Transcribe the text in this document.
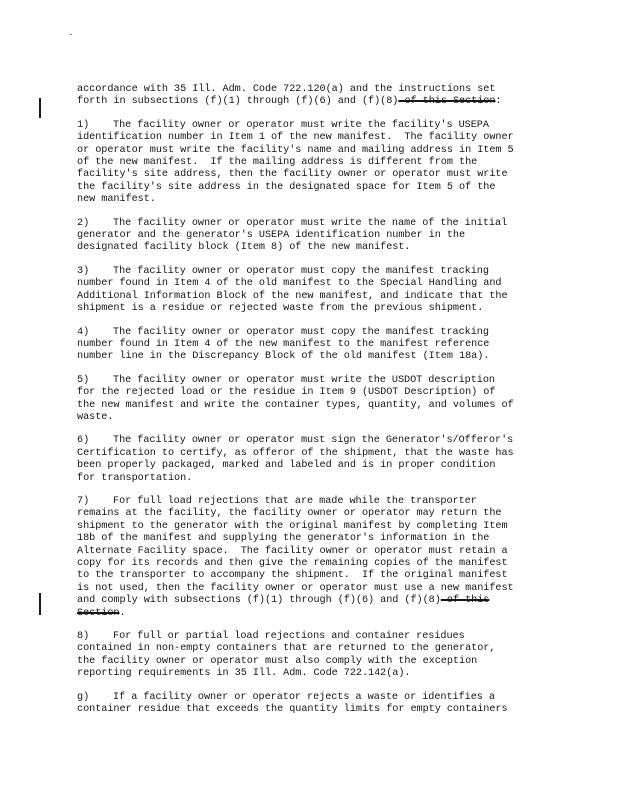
accordance with 35 Ill. Adm. Code 722.120(a) and the instructions set
forth in subsections (f)(1) through (f)(6) and (f)(8) of this Section:

1) The facility owner or operator must write the facility's USEPA
identification number in Item 1 of the new manifest.  The facility owner
or operator must write the facility's name and mailing address in Item 5
of the new manifest.  If the mailing address is different from the
facility's site address, then the facility owner or operator must write
the facility's site address in the designated space for Item 5 of the
new manifest.

2) The facility owner or operator must write the name of the initial
generator and the generator's USEPA identification number in the
designated facility block (Item 8) of the new manifest.

3) The facility owner or operator must copy the manifest tracking
number found in Item 4 of the old manifest to the Special Handling and
Additional Information Block of the new manifest, and indicate that the
shipment is a residue or rejected waste from the previous shipment.

4) The facility owner or operator must copy the manifest tracking
number found in Item 4 of the new manifest to the manifest reference
number line in the Discrepancy Block of the old manifest (Item 18a).

5) The facility owner or operator must write the USDOT description
for the rejected load or the residue in Item 9 (USDOT Description) of
the new manifest and write the container types, quantity, and volumes of
waste.

6) The facility owner or operator must sign the Generator's/Offeror's
Certification to certify, as offeror of the shipment, that the waste has
been properly packaged, marked and labeled and is in proper condition
for transportation.

7) For full load rejections that are made while the transporter
remains at the facility, the facility owner or operator may return the
shipment to the generator with the original manifest by completing Item
18b of the manifest and supplying the generator's information in the
Alternate Facility space.  The facility owner or operator must retain a
copy for its records and then give the remaining copies of the manifest
to the transporter to accompany the shipment.  If the original manifest
is not used, then the facility owner or operator must use a new manifest
and comply with subsections (f)(1) through (f)(6) and (f)(8) of this
Section.

8) For full or partial load rejections and container residues
contained in non-empty containers that are returned to the generator,
the facility owner or operator must also comply with the exception
reporting requirements in 35 Ill. Adm. Code 722.142(a).

g) If a facility owner or operator rejects a waste or identifies a
container residue that exceeds the quantity limits for empty containers
